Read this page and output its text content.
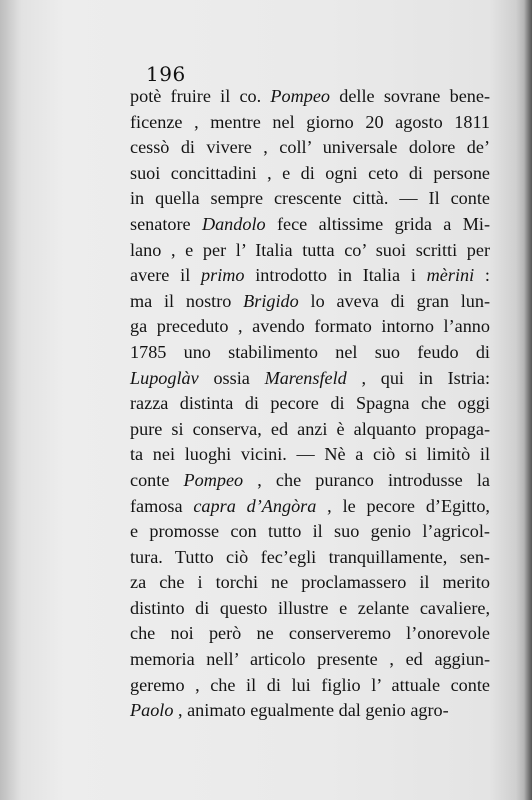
196
potè fruire il co. Pompeo delle sovrane bene-
ficenze , mentre nel giorno 20 agosto 1811
cessò di vivere , coll’ universale dolore de’
suoi concittadini , e di ogni ceto di persone
in quella sempre crescente città. — Il conte
senatore Dandolo fece altissime grida a Mi-
lano , e per l’ Italia tutta co’ suoi scritti per
avere il primo introdotto in Italia i mèrini :
ma il nostro Brigido lo aveva di gran lun-
ga preceduto , avendo formato intorno l’anno
1785 uno stabilimento nel suo feudo di
Lupoglàv ossia Marensfeld , qui in Istria:
razza distinta di pecore di Spagna che oggi
pure si conserva, ed anzi è alquanto propaga-
ta nei luoghi vicini. — Nè a ciò si limitò il
conte Pompeo , che puranco introdusse la
famosa capra d’Angòra , le pecore d’Egitto,
e promosse con tutto il suo genio l’agricol-
tura. Tutto ciò fec’egli tranquillamente, sen-
za che i torchi ne proclamassero il merito
distinto di questo illustre e zelante cavaliere,
che noi però ne conserveremo l’onorevole
memoria nell’ articolo presente , ed aggiun-
geremo , che il di lui figlio l’ attuale conte
Paolo , animato egualmente dal genio agro-
